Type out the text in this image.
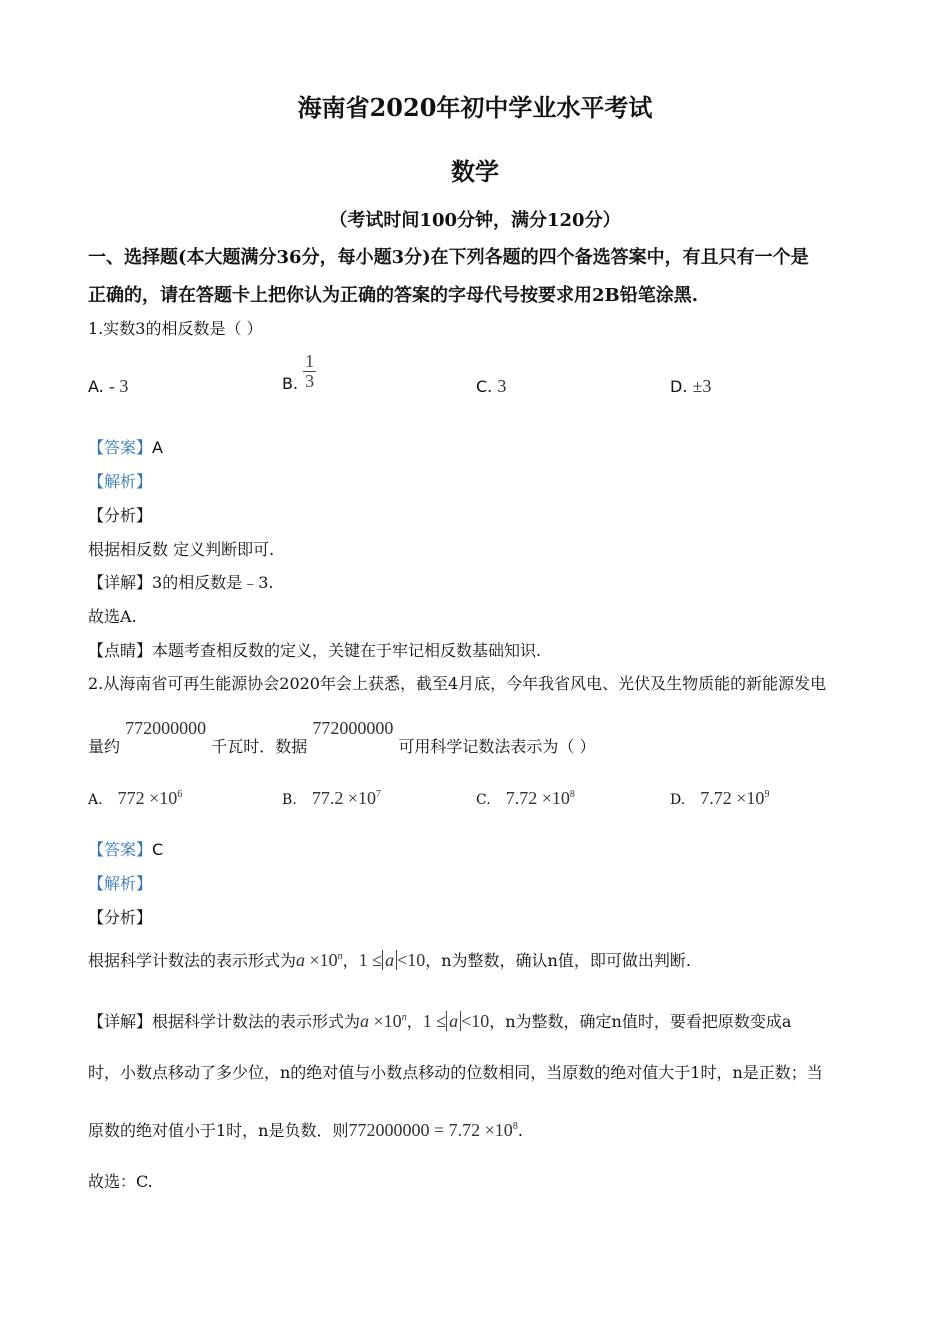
海南省2020年初中学业水平考试
数学
（考试时间100分钟，满分120分）
一、选择题(本大题满分36分，每小题3分)在下列各题的四个备选答案中，有且只有一个是
正确的，请在答题卡上把你认为正确的答案的字母代号按要求用2B铅笔涂黑.
1.实数3的相反数是（ ）
A. - 3	B. $\frac{1}{3}$	C. 3	D. ±3
【答案】A
【解析】
【分析】
根据相反数 定义判断即可.
【详解】3的相反数是﹣3.
故选A.
【点睛】本题考查相反数的定义，关键在于牢记相反数基础知识.
2.从海南省可再生能源协会2020年会上获悉，截至4月底，今年我省风电、光伏及生物质能的新能源发电
量约 772000000 千瓦时．数据 772000000 可用科学记数法表示为（ ）
A. $772 \times 10^6$	B. $77.2 \times 10^7$	C. $7.72 \times 10^8$	D. $7.72 \times 10^9$
【答案】C
【解析】
【分析】
根据科学计数法的表示形式为$a \times 10^n$，1 ≤ a <10，n为整数，确认n值，即可做出判断.
【详解】根据科学计数法的表示形式为$a \times 10^n$，1 ≤ a <10，n为整数，确定n值时，要看把原数变成a
时，小数点移动了多少位，n的绝对值与小数点移动的位数相同，当原数的绝对值大于1时，n是正数；当
原数的绝对值小于1时，n是负数．则$772000000 = 7.72 \times 10^8$.
故选：C.
